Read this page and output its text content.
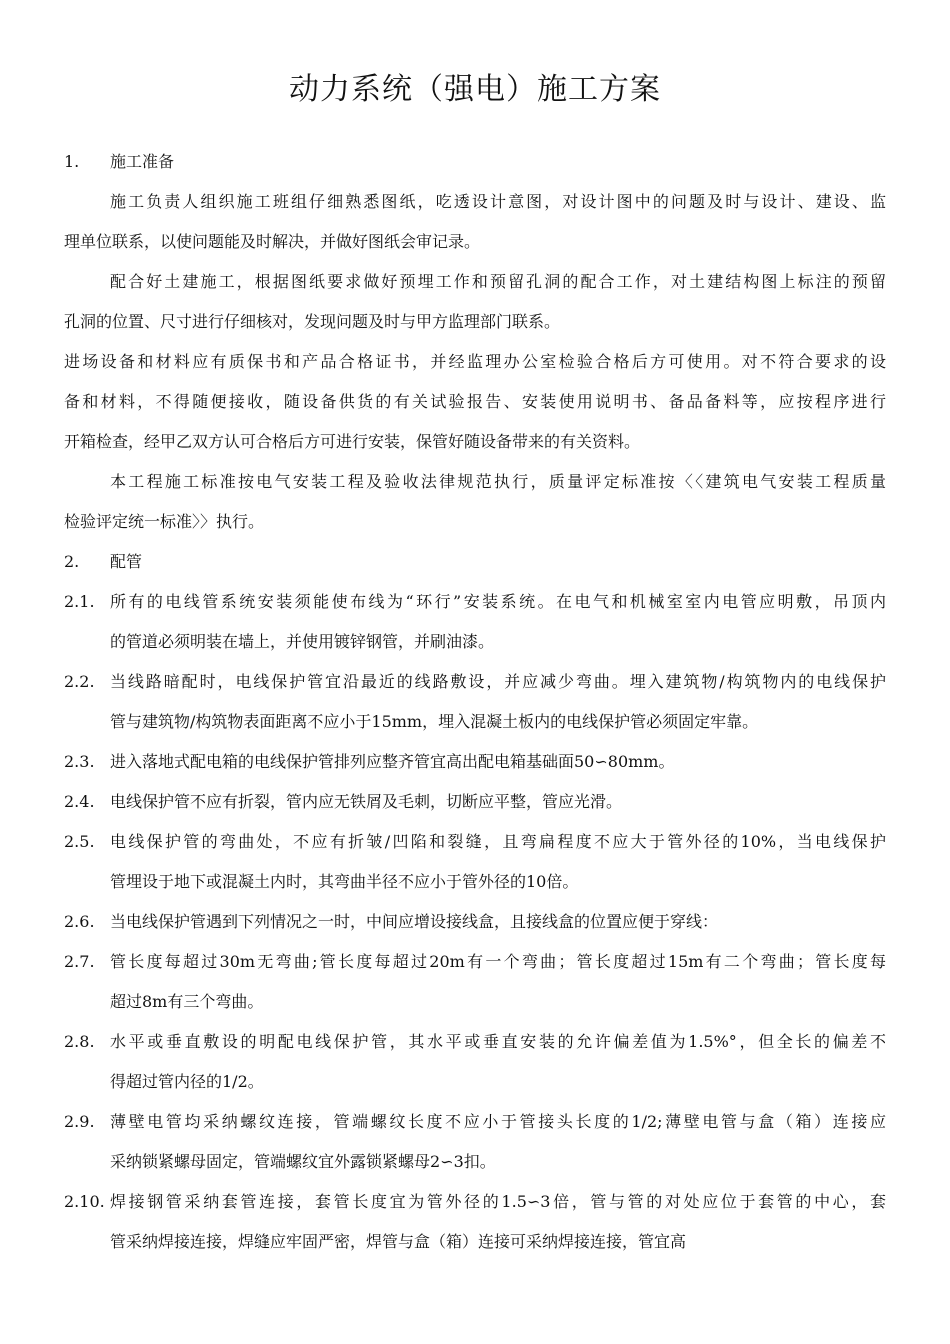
动力系统（强电）施工方案
1. 施工准备
施工负责人组织施工班组仔细熟悉图纸，吃透设计意图，对设计图中的问题及时与设计、建设、监
理单位联系，以使问题能及时解决，并做好图纸会审记录。
配合好土建施工，根据图纸要求做好预埋工作和预留孔洞的配合工作，对土建结构图上标注的预留
孔洞的位置、尺寸进行仔细核对，发现问题及时与甲方监理部门联系。
进场设备和材料应有质保书和产品合格证书，并经监理办公室检验合格后方可使用。对不符合要求的设
备和材料，不得随便接收，随设备供货的有关试验报告、安装使用说明书、备品备料等，应按程序进行
开箱检查，经甲乙双方认可合格后方可进行安装，保管好随设备带来的有关资料。
本工程施工标准按电气安装工程及验收法律规范执行，质量评定标准按〈〈建筑电气安装工程质量
检验评定统一标准〉〉执行。
2. 配管
2.1. 所有的电线管系统安装须能使布线为“环行”安装系统。在电气和机械室室内电管应明敷，吊顶内
的管道必须明装在墙上，并使用镀锌钢管，并刷油漆。
2.2. 当线路暗配时，电线保护管宜沿最近的线路敷设，并应减少弯曲。埋入建筑物/构筑物内的电线保护
管与建筑物/构筑物表面距离不应小于15mm，埋入混凝土板内的电线保护管必须固定牢靠。
2.3. 进入落地式配电箱的电线保护管排列应整齐管宜高出配电箱基础面50∽80mm。
2.4. 电线保护管不应有折裂，管内应无铁屑及毛刺，切断应平整，管应光滑。
2.5. 电线保护管的弯曲处，不应有折皱/凹陷和裂缝，且弯扁程度不应大于管外径的10%，当电线保护
管埋设于地下或混凝土内时，其弯曲半径不应小于管外径的10倍。
2.6. 当电线保护管遇到下列情况之一时，中间应增设接线盒，且接线盒的位置应便于穿线：
2.7. 管长度每超过30m无弯曲;管长度每超过20m有一个弯曲；管长度超过15m有二个弯曲；管长度每
超过8m有三个弯曲。
2.8. 水平或垂直敷设的明配电线保护管，其水平或垂直安装的允许偏差值为1.5%°，但全长的偏差不
得超过管内径的1/2。
2.9. 薄壁电管均采纳螺纹连接，管端螺纹长度不应小于管接头长度的1/2;薄壁电管与盒（箱）连接应
采纳锁紧螺母固定，管端螺纹宜外露锁紧螺母2∽3扣。
2.10. 焊接钢管采纳套管连接，套管长度宜为管外径的1.5∽3倍，管与管的对处应位于套管的中心，套
管采纳焊接连接，焊缝应牢固严密，焊管与盒（箱）连接可采纳焊接连接，管宜高
